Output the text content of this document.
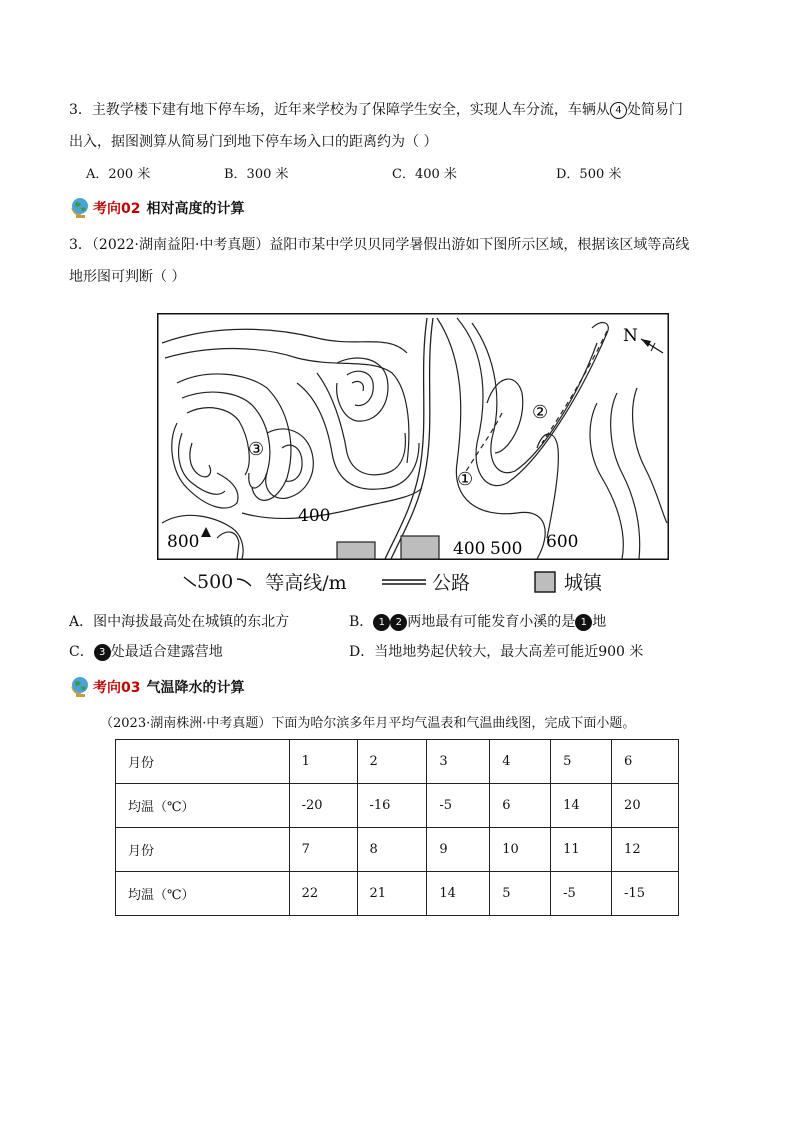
3．主教学楼下建有地下停车场，近年来学校为了保障学生安全，实现人车分流，车辆从 4 处简易门
出入，据图测算从简易门到地下停车场入口的距离约为（ ）
A．200 米	B．300 米	C．400 米	D．500 米
考向02 相对高度的计算
3．（2022·湖南益阳·中考真题）益阳市某中学贝贝同学暑假出游如下图所示区域，根据该区域等高线
地形图可判断（ ）
N
400
800	400 500 600
①
②
③
500 等高线/m	公路	城镇
A．图中海拔最高处在城镇的东北方	B． 1 2 两地最有可能发育小溪的是 1 地
C． 3 处最适合建露营地	D．当地地势起伏较大，最大高差可能近900 米
考向03 气温降水的计算
（2023·湖南株洲·中考真题）下面为哈尔滨多年月平均气温表和气温曲线图，完成下面小题。
月份	1	2	3	4	5	6
均温（℃）	-20	-16	-5	6	14	20
月份	7	8	9	10	11	12
均温（℃）	22	21	14	5	-5	-15
